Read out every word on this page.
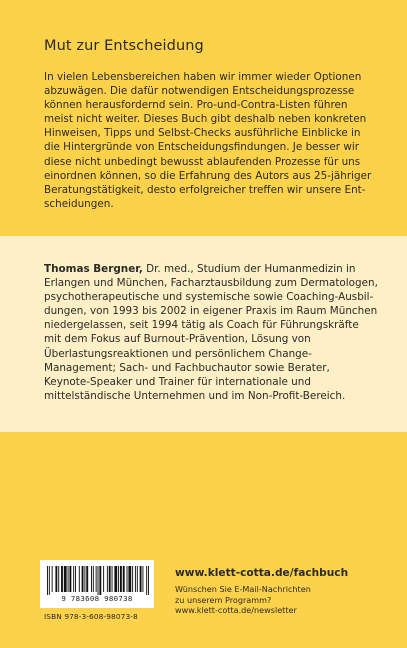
Mut zur Entscheidung
In vielen Lebensbereichen haben wir immer wieder Optionen abzuwägen. Die dafür notwendigen Entscheidungsprozesse können herausfordernd sein. Pro-und-Contra-Listen führen meist nicht weiter. Dieses Buch gibt deshalb neben konkreten Hinweisen, Tipps und Selbst-Checks ausführliche Einblicke in die Hintergründe von Entscheidungsfindungen. Je besser wir diese nicht unbedingt bewusst ablaufenden Prozesse für uns einordnen können, so die Erfahrung des Autors aus 25-jähriger Beratungstätigkeit, desto erfolgreicher treffen wir unsere Entscheidungen.
Thomas Bergner, Dr. med., Studium der Humanmedizin in Erlangen und München, Facharztausbildung zum Dermatologen, psychotherapeutische und systemische sowie Coaching-Ausbildungen, von 1993 bis 2002 in eigener Praxis im Raum München niedergelassen, seit 1994 tätig als Coach für Führungskräfte mit dem Fokus auf Burnout-Prävention, Lösung von Überlastungsreaktionen und persönlichem Change-Management; Sach- und Fachbuchautor sowie Berater, Keynote-Speaker und Trainer für internationale und mittelständische Unternehmen und im Non-Profit-Bereich.
9 783608 980738
ISBN 978-3-608-98073-8
www.klett-cotta.de/fachbuch
Wünschen Sie E-Mail-Nachrichten
zu unserem Programm?
www.klett-cotta.de/newsletter
